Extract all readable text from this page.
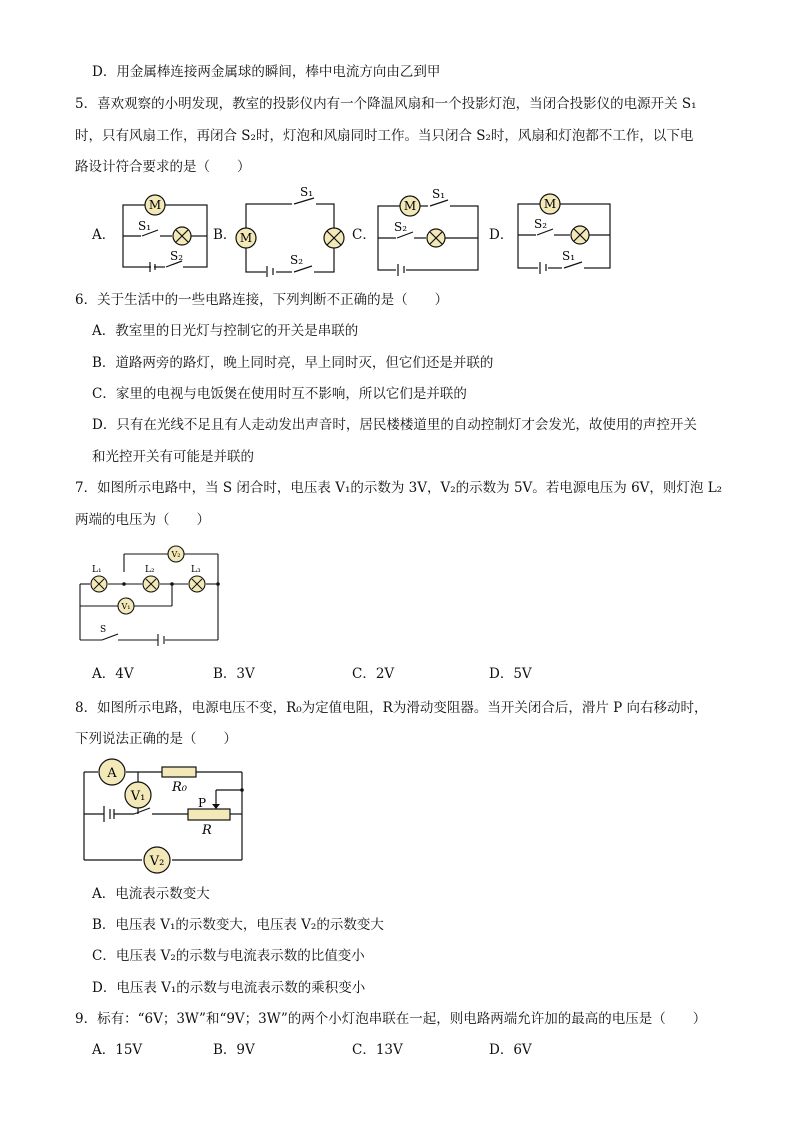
D．用金属棒连接两金属球的瞬间，棒中电流方向由乙到甲
5．喜欢观察的小明发现，教室的投影仪内有一个降温风扇和一个投影灯泡，当闭合投影仪的电源开关 S₁
时，只有风扇工作，再闭合 S₂时，灯泡和风扇同时工作。当只闭合 S₂时，风扇和灯泡都不工作，以下电
路设计符合要求的是（　　）
A．	B．	C．	D．
M
S₁
S₂
M
S₁
S₂
M
S₁
S₂
M
S₂
S₁
6．关于生活中的一些电路连接，下列判断不正确的是（　　）
A．教室里的日光灯与控制它的开关是串联的
B．道路两旁的路灯，晚上同时亮，早上同时灭，但它们还是并联的
C．家里的电视与电饭煲在使用时互不影响，所以它们是并联的
D．只有在光线不足且有人走动发出声音时，居民楼楼道里的自动控制灯才会发光，故使用的声控开关
和光控开关有可能是并联的
7．如图所示电路中，当 S 闭合时，电压表 V₁的示数为 3V，V₂的示数为 5V。若电源电压为 6V，则灯泡 L₂
两端的电压为（　　）
V₂
V₁
L₁	L₂	L₃
S
A．4V	B．3V	C．2V	D．5V
8．如图所示电路，电源电压不变，R₀为定值电阻，R为滑动变阻器。当开关闭合后，滑片 P 向右移动时，
下列说法正确的是（　　）
A
V₁
V₂
R₀
R
P
A．电流表示数变大
B．电压表 V₁的示数变大，电压表 V₂的示数变大
C．电压表 V₂的示数与电流表示数的比值变小
D．电压表 V₁的示数与电流表示数的乘积变小
9．标有：“6V；3W”和“9V；3W”的两个小灯泡串联在一起，则电路两端允许加的最高的电压是（　　）
A．15V	B．9V	C．13V	D．6V
